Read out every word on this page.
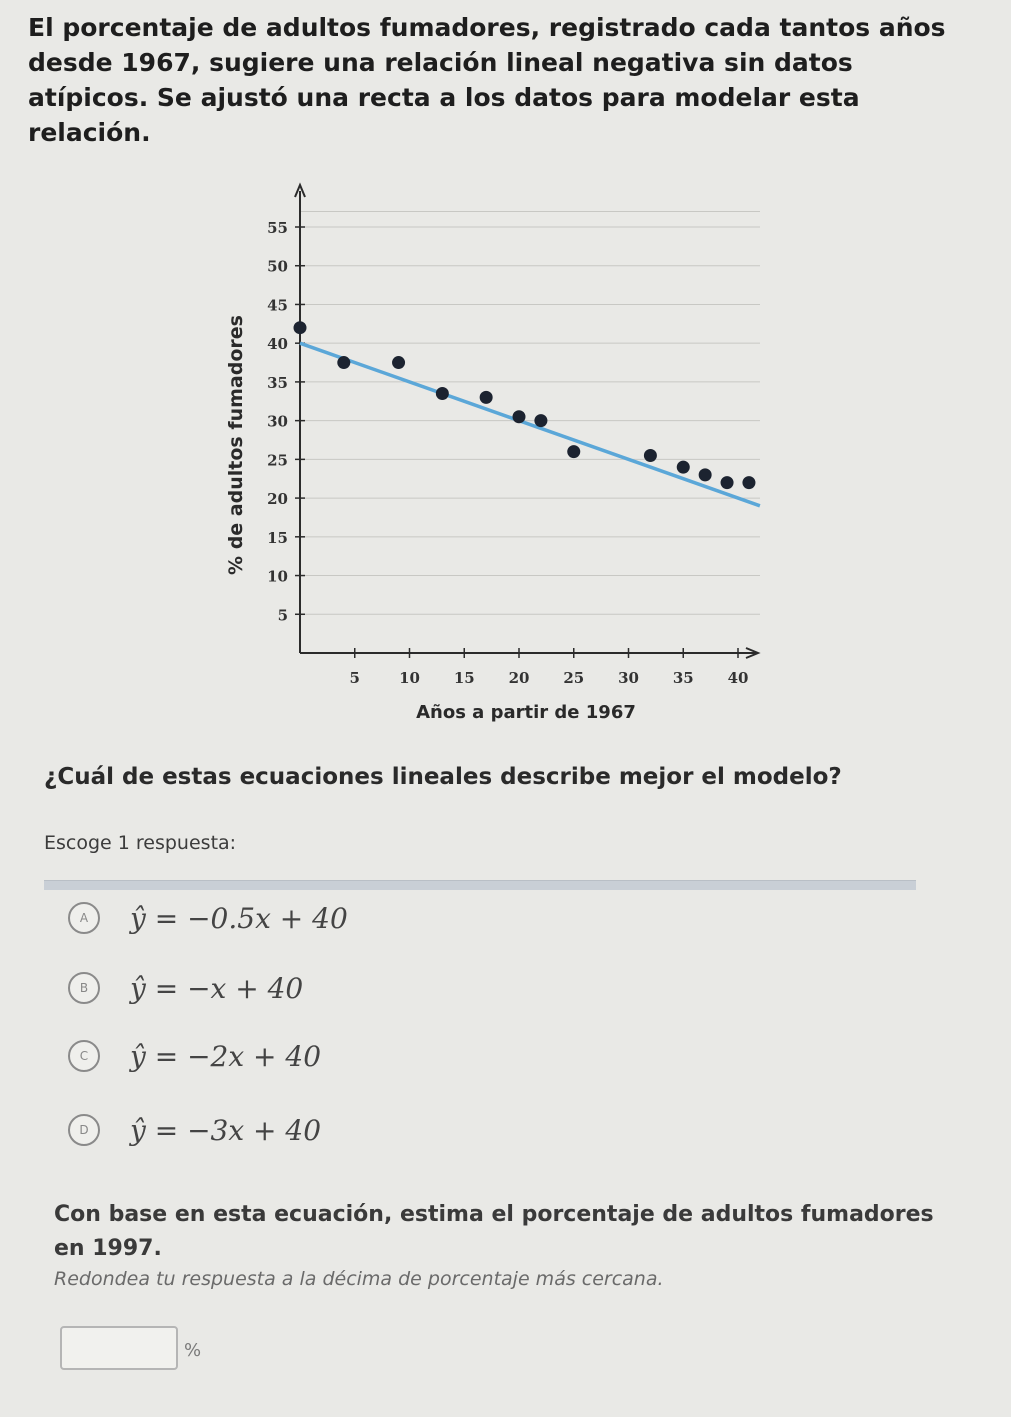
El porcentaje de adultos fumadores, registrado cada tantos años desde 1967, sugiere una relación lineal negativa sin datos atípicos. Se ajustó una recta a los datos para modelar esta relación.
5
10
15
20
25
30
35
40
45
50
55
5	10 15 20 25 30 35 40
% de adultos fumadores
Años a partir de 1967
¿Cuál de estas ecuaciones lineales describe mejor el modelo?
Escoge 1 respuesta:
A	ŷ = −0.5x + 40
B	ŷ = −x + 40
C	ŷ = −2x + 40
D	ŷ = −3x + 40
Con base en esta ecuación, estima el porcentaje de adultos fumadores en 1997.
Redondea tu respuesta a la décima de porcentaje más cercana.
%
